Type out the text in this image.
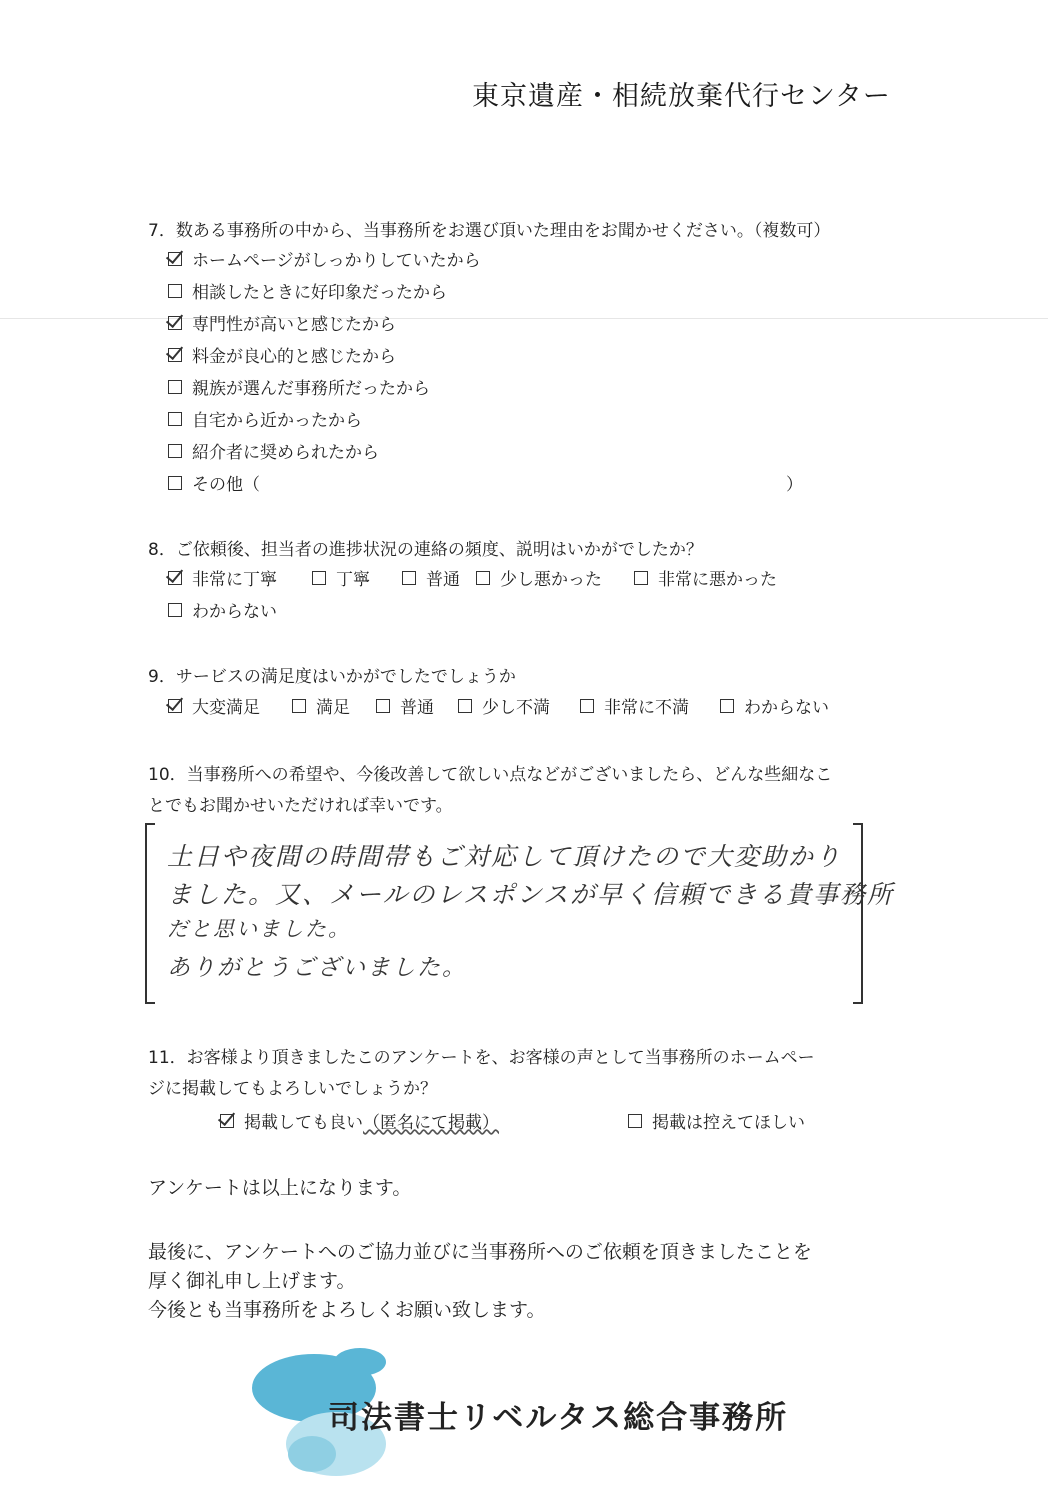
東京遺産・相続放棄代行センター
7．数ある事務所の中から、当事務所をお選び頂いた理由をお聞かせください。（複数可）
ホームページがしっかりしていたから
相談したときに好印象だったから
専門性が高いと感じたから
料金が良心的と感じたから
親族が選んだ事務所だったから
自宅から近かったから
紹介者に奨められたから
その他（	）
8．ご依頼後、担当者の進捗状況の連絡の頻度、説明はいかがでしたか？
非常に丁寧	丁寧	普通 少し悪かった	非常に悪かった
わからない
9．サービスの満足度はいかがでしたでしょうか
大変満足	満足	普通	少し不満	非常に不満	わからない
10．当事務所への希望や、今後改善して欲しい点などがございましたら、どんな些細なこ
とでもお聞かせいただければ幸いです。
土日や夜間の時間帯もご対応して頂けたので大変助かり
ました。又、メールのレスポンスが早く信頼できる貴事務所
だと思いました。
ありがとうございました。
11．お客様より頂きましたこのアンケートを、お客様の声として当事務所のホームペー
ジに掲載してもよろしいでしょうか？
掲載しても良い （匿名にて掲載）	掲載は控えてほしい
アンケートは以上になります。
最後に、アンケートへのご協力並びに当事務所へのご依頼を頂きましたことを
厚く御礼申し上げます。
今後とも当事務所をよろしくお願い致します。
司法書士リベルタス総合事務所
